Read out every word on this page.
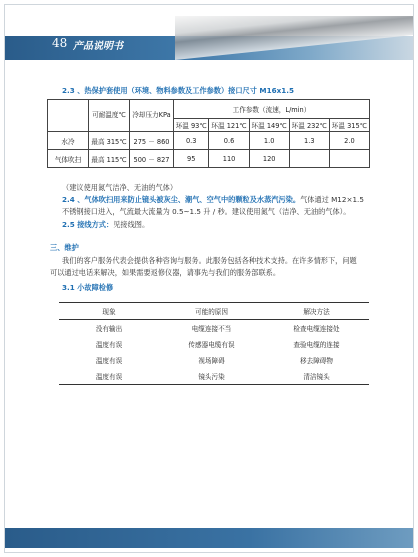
48 产品说明书
2.3 、热保护套使用（环境、物料参数及工作参数）接口尺寸 M16x1.5
	可耐温度℃	冷却压力KPa	工作参数（流速，L/min）				
			环温 93℃	环温 121℃	环温 149℃	环温 232℃	环温 315℃
水冷	最高 315℃	275 － 860	0.3	0.6	1.0	1.3	2.0
气体吹扫	最高 115℃	500 － 827	95	110	120		
（建议使用氮气洁净、无油的气体）
2.4 、气体吹扫用来防止镜头被灰尘、潮气、空气中的颗粒及水蒸汽污染。气体通过 M12×1.5
不锈钢接口进入，气流最大流量为 0.5~1.5 升 / 秒。建议使用氮气（洁净、无油的气体）。
2.5 接线方式：见接线图。
三、维护
我们的客户服务代表会提供各种咨询与服务。此服务包括各种技术支持。在许多情形下，问题
可以通过电话来解决，如果需要返修仪器，请事先与我们的服务部联系。
3.1 小故障检修
现象	可能的原因	解决方法
没有输出	电缆连接不当	检查电缆连接处
温度有误	传感器电缆有误	查验电缆的连接
温度有误	视场障碍	移去障碍物
温度有误	镜头污染	清洁镜头
